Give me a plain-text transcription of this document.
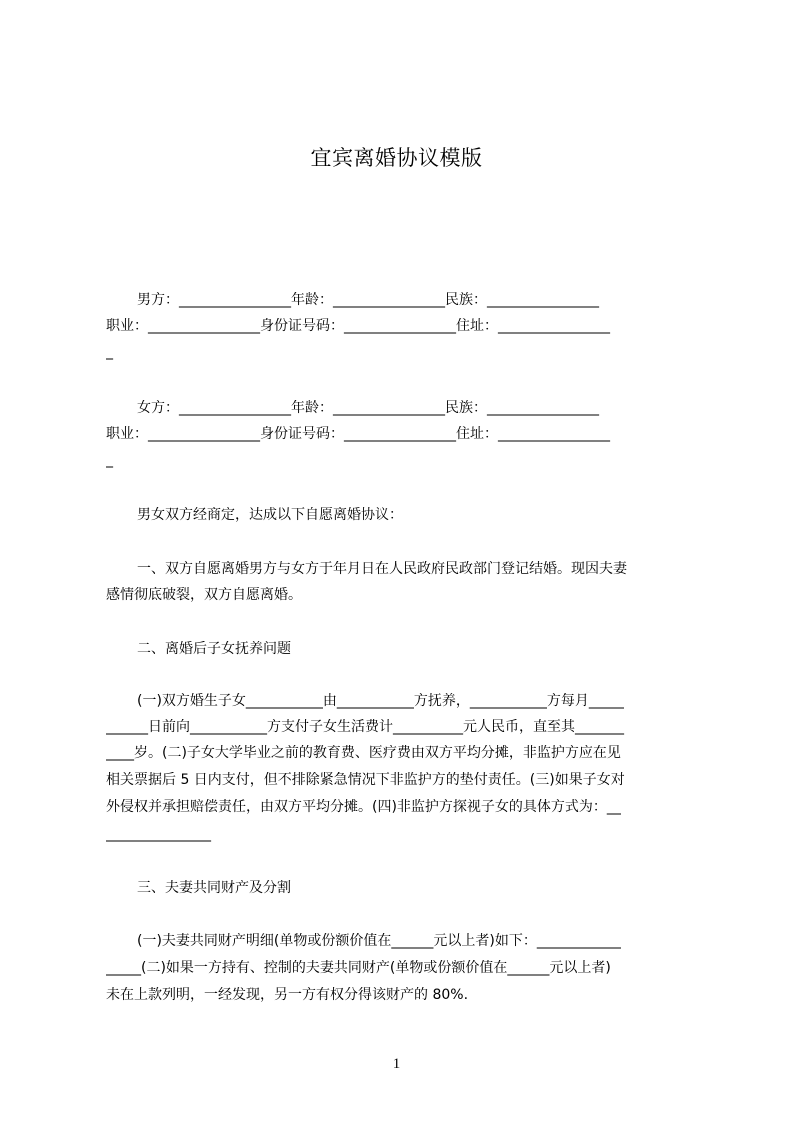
宜宾离婚协议模版
男方：________________年龄：________________民族：________________
职业：________________身份证号码：________________住址：________________
_
女方：________________年龄：________________民族：________________
职业：________________身份证号码：________________住址：________________
_
男女双方经商定，达成以下自愿离婚协议：
一、双方自愿离婚男方与女方于年月日在人民政府民政部门登记结婚。现因夫妻
感情彻底破裂，双方自愿离婚。
二、离婚后子女抚养问题
(一)双方婚生子女___________由___________方抚养，___________方每月_____
______日前向___________方支付子女生活费计__________元人民币，直至其_______
____岁。(二)子女大学毕业之前的教育费、医疗费由双方平均分摊，非监护方应在见
相关票据后 5 日内支付，但不排除紧急情况下非监护方的垫付责任。(三)如果子女对
外侵权并承担赔偿责任，由双方平均分摊。(四)非监护方探视子女的具体方式为：__
_______________
三、夫妻共同财产及分割
(一)夫妻共同财产明细(单物或份额价值在______元以上者)如下：____________
_____(二)如果一方持有、控制的夫妻共同财产(单物或份额价值在______元以上者)
未在上款列明，一经发现，另一方有权分得该财产的 80%.
1
